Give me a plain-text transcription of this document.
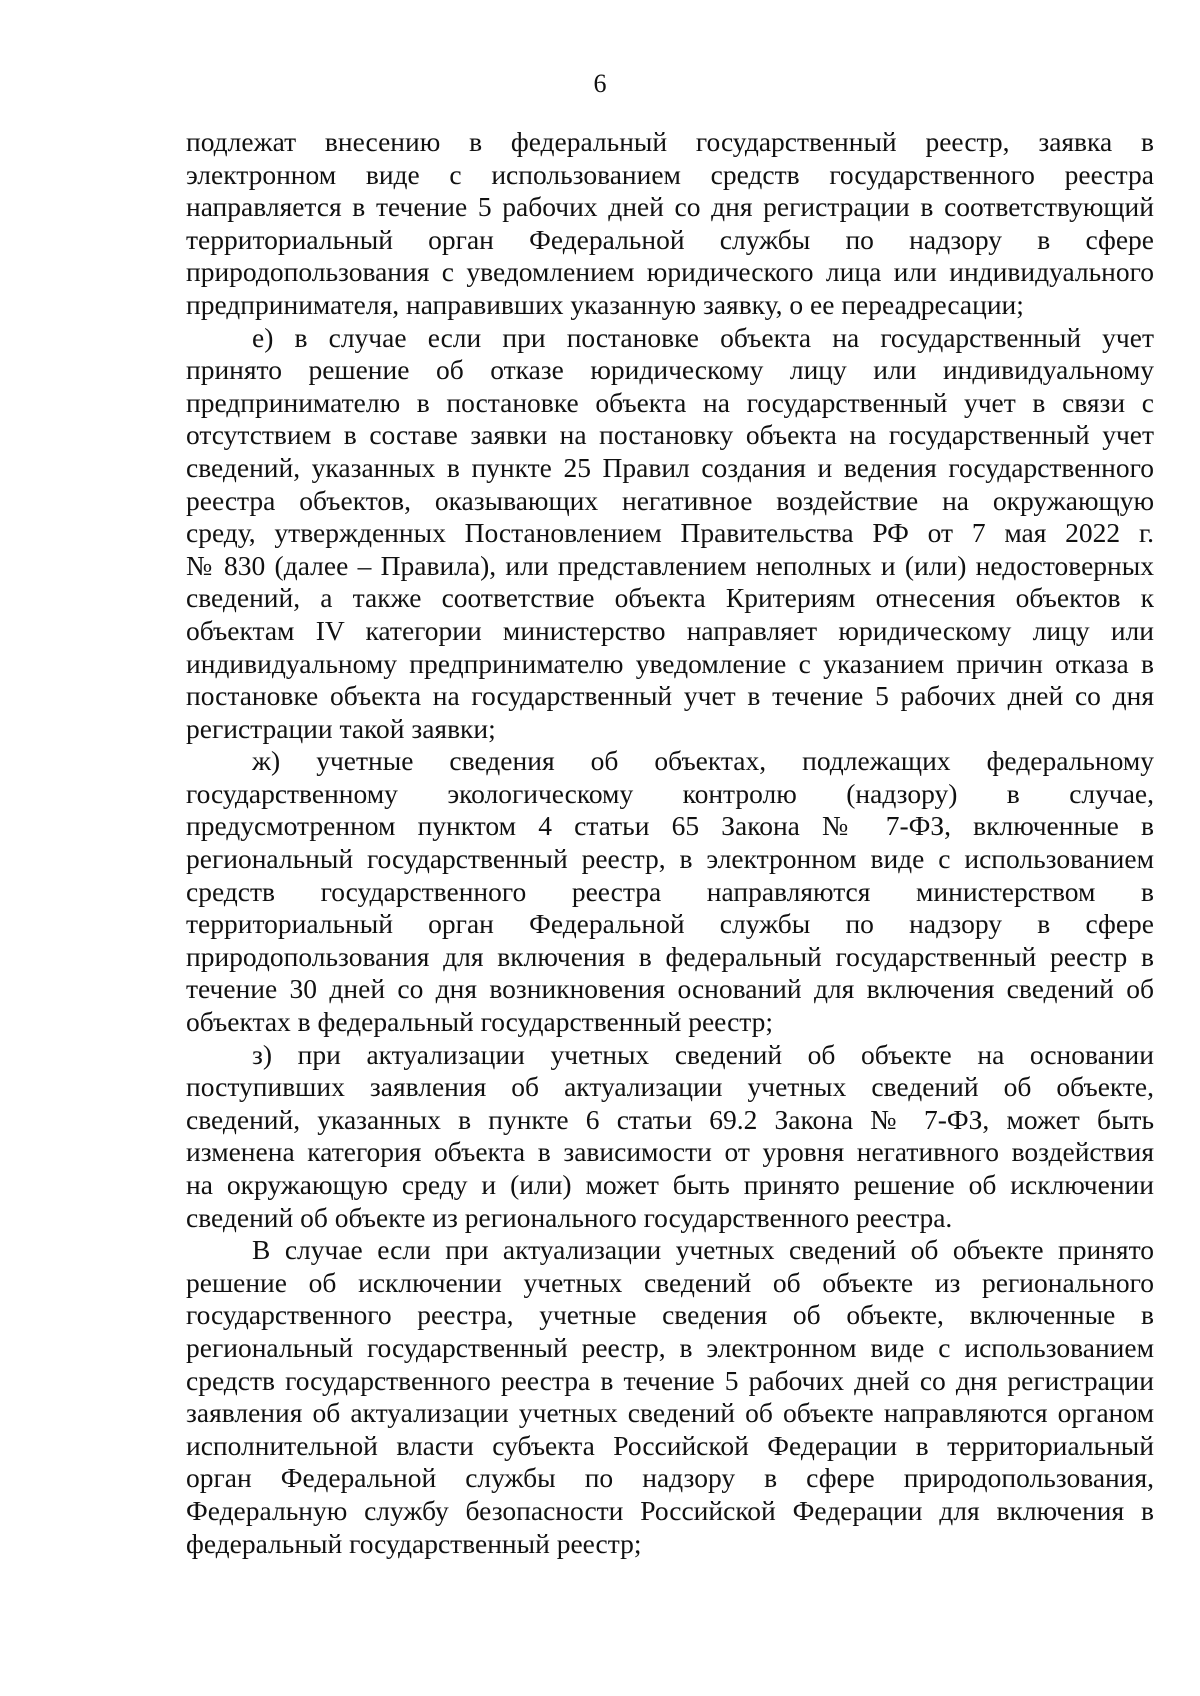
6

подлежат внесению в федеральный государственный реестр, заявка в
электронном виде с использованием средств государственного реестра
направляется в течение 5 рабочих дней со дня регистрации в соответствующий
территориальный орган Федеральной службы по надзору в сфере
природопользования с уведомлением юридического лица или индивидуального
предпринимателя, направивших указанную заявку, о ее переадресации;

е) в случае если при постановке объекта на государственный учет
принято решение об отказе юридическому лицу или индивидуальному
предпринимателю в постановке объекта на государственный учет в связи с
отсутствием в составе заявки на постановку объекта на государственный учет
сведений, указанных в пункте 25 Правил создания и ведения государственного
реестра объектов, оказывающих негативное воздействие на окружающую
среду, утвержденных Постановлением Правительства РФ от 7 мая 2022 г.
№ 830 (далее – Правила), или представлением неполных и (или) недостоверных
сведений, а также соответствие объекта Критериям отнесения объектов к
объектам IV категории министерство направляет юридическому лицу или
индивидуальному предпринимателю уведомление с указанием причин отказа в
постановке объекта на государственный учет в течение 5 рабочих дней со дня
регистрации такой заявки;

ж) учетные сведения об объектах, подлежащих федеральному
государственному экологическому контролю (надзору) в случае,
предусмотренном пунктом 4 статьи 65 Закона № 7-ФЗ, включенные в
региональный государственный реестр, в электронном виде с использованием
средств государственного реестра направляются министерством в
территориальный орган Федеральной службы по надзору в сфере
природопользования для включения в федеральный государственный реестр в
течение 30 дней со дня возникновения оснований для включения сведений об
объектах в федеральный государственный реестр;

з) при актуализации учетных сведений об объекте на основании
поступивших заявления об актуализации учетных сведений об объекте,
сведений, указанных в пункте 6 статьи 69.2 Закона № 7-ФЗ, может быть
изменена категория объекта в зависимости от уровня негативного воздействия
на окружающую среду и (или) может быть принято решение об исключении
сведений об объекте из регионального государственного реестра.

В случае если при актуализации учетных сведений об объекте принято
решение об исключении учетных сведений об объекте из регионального
государственного реестра, учетные сведения об объекте, включенные в
региональный государственный реестр, в электронном виде с использованием
средств государственного реестра в течение 5 рабочих дней со дня регистрации
заявления об актуализации учетных сведений об объекте направляются органом
исполнительной власти субъекта Российской Федерации в территориальный
орган Федеральной службы по надзору в сфере природопользования,
Федеральную службу безопасности Российской Федерации для включения в
федеральный государственный реестр;
